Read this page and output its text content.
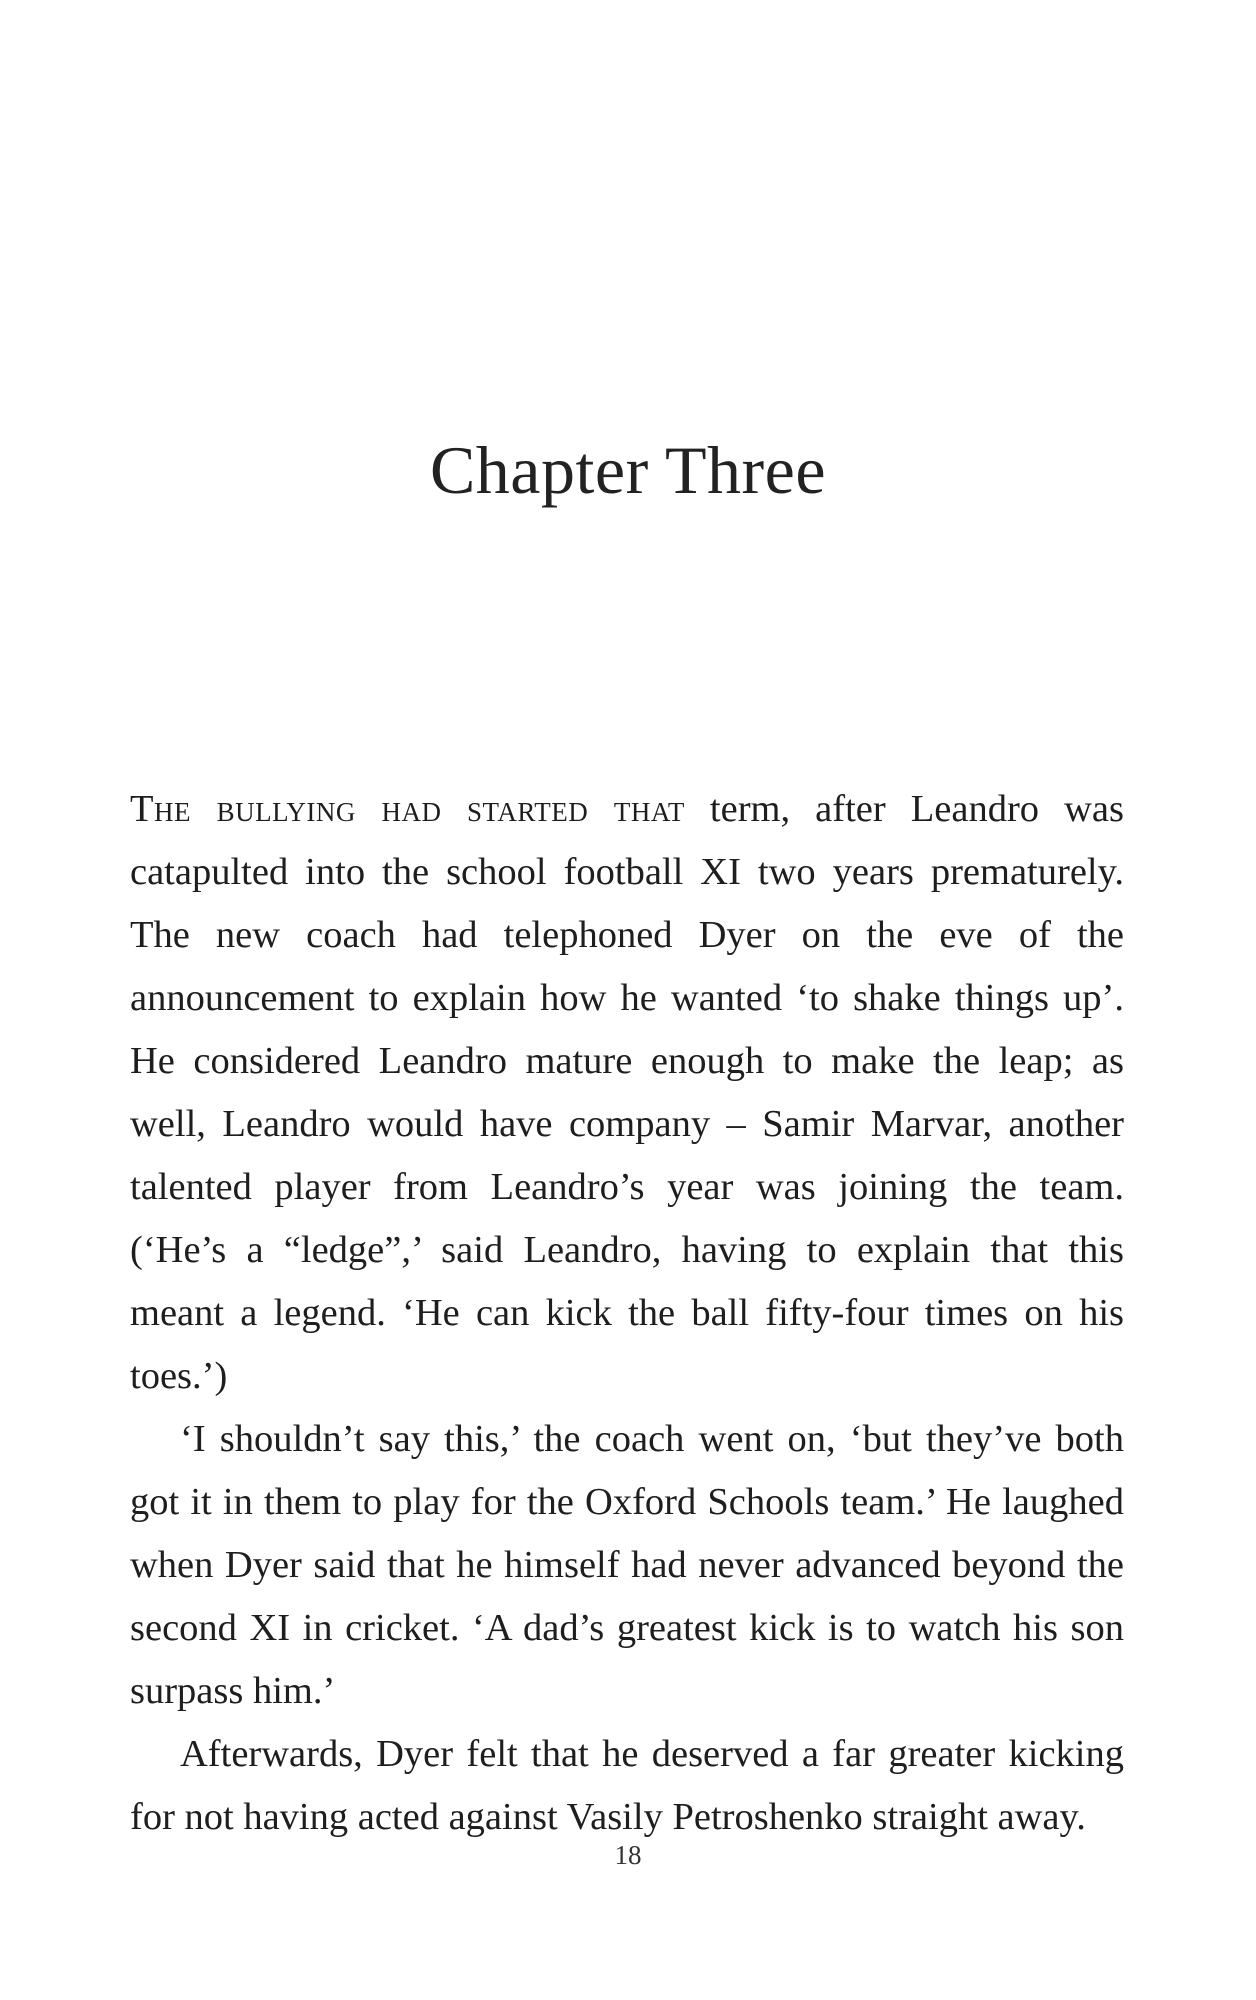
Chapter Three

The bullying had started that term, after Leandro was catapulted into the school football XI two years prematurely. The new coach had telephoned Dyer on the eve of the announcement to explain how he wanted ‘to shake things up’. He considered Leandro mature enough to make the leap; as well, Leandro would have company – Samir Marvar, another talented player from Leandro’s year was joining the team. (‘He’s a “ledge”,’ said Leandro, having to explain that this meant a legend. ‘He can kick the ball fifty-four times on his toes.’)

‘I shouldn’t say this,’ the coach went on, ‘but they’ve both got it in them to play for the Oxford Schools team.’ He laughed when Dyer said that he himself had never advanced beyond the second XI in cricket. ‘A dad’s greatest kick is to watch his son surpass him.’

Afterwards, Dyer felt that he deserved a far greater kicking for not having acted against Vasily Petroshenko straight away.

18
